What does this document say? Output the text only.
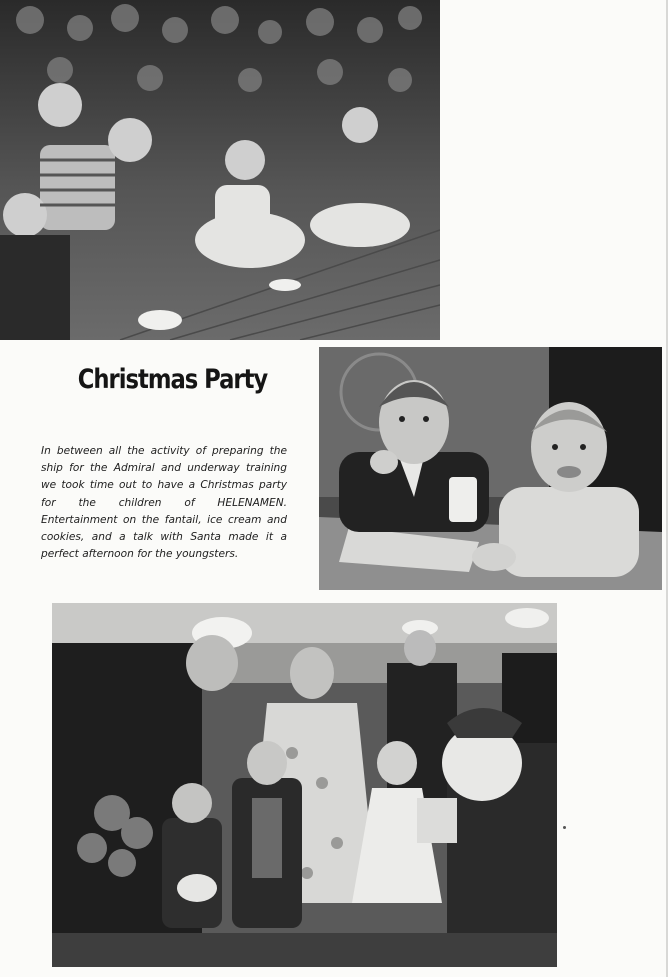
Christmas Party

In between all the activity of preparing the ship for the Admiral and underway training we took time out to have a Christmas party for the children of HELENAMEN. Entertainment on the fantail, ice cream and cookies, and a talk with Santa made it a perfect afternoon for the youngsters.
